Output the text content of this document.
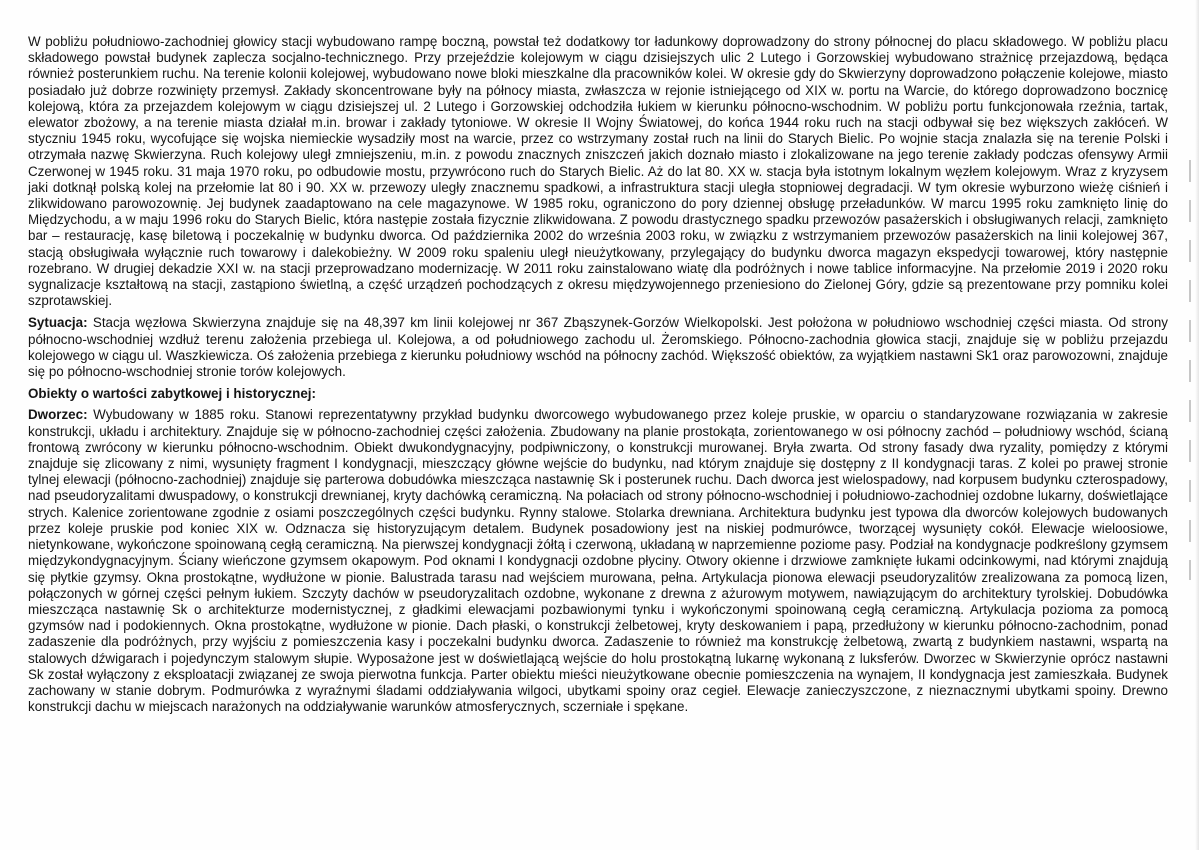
W pobliżu południowo-zachodniej głowicy stacji wybudowano rampę boczną, powstał też dodatkowy tor ładunkowy doprowadzony do strony północnej do placu składowego. W pobliżu placu składowego powstał budynek zaplecza socjalno-technicznego. Przy przejeździe kolejowym w ciągu dzisiejszych ulic 2 Lutego i Gorzowskiej wybudowano strażnicę przejazdową, będąca również posterunkiem ruchu. Na terenie kolonii kolejowej, wybudowano nowe bloki mieszkalne dla pracowników kolei. W okresie gdy do Skwierzyny doprowadzono połączenie kolejowe, miasto posiadało już dobrze rozwinięty przemysł. Zakłady skoncentrowane były na północy miasta, zwłaszcza w rejonie istniejącego od XIX w. portu na Warcie, do którego doprowadzono bocznicę kolejową, która za przejazdem kolejowym w ciągu dzisiejszej ul. 2 Lutego i Gorzowskiej odchodziła łukiem w kierunku północno-wschodnim. W pobliżu portu funkcjonowała rzeźnia, tartak, elewator zbożowy, a na terenie miasta działał m.in. browar i zakłady tytoniowe. W okresie II Wojny Światowej, do końca 1944 roku ruch na stacji odbywał się bez większych zakłóceń. W styczniu 1945 roku, wycofujące się wojska niemieckie wysadziły most na warcie, przez co wstrzymany został ruch na linii do Starych Bielic. Po wojnie stacja znalazła się na terenie Polski i otrzymała nazwę Skwierzyna. Ruch kolejowy uległ zmniejszeniu, m.in. z powodu znacznych zniszczeń jakich doznało miasto i zlokalizowane na jego terenie zakłady podczas ofensywy Armii Czerwonej w 1945 roku. 31 maja 1970 roku, po odbudowie mostu, przywrócono ruch do Starych Bielic. Aż do lat 80. XX w. stacja była istotnym lokalnym węzłem kolejowym. Wraz z kryzysem jaki dotknął polską kolej na przełomie lat 80 i 90. XX w. przewozy uległy znacznemu spadkowi, a infrastruktura stacji uległa stopniowej degradacji. W tym okresie wyburzono wieżę ciśnień i zlikwidowano parowozownię. Jej budynek zaadaptowano na cele magazynowe. W 1985 roku, ograniczono do pory dziennej obsługę przeładunków. W marcu 1995 roku zamknięto linię do Międzychodu, a w maju 1996 roku do Starych Bielic, która następie została fizycznie zlikwidowana. Z powodu drastycznego spadku przewozów pasażerskich i obsługiwanych relacji, zamknięto bar – restaurację, kasę biletową i poczekalnię w budynku dworca. Od października 2002 do września 2003 roku, w związku z wstrzymaniem przewozów pasażerskich na linii kolejowej 367, stacją obsługiwała wyłącznie ruch towarowy i dalekobieżny. W 2009 roku spaleniu uległ nieużytkowany, przylegający do budynku dworca magazyn ekspedycji towarowej, który następnie rozebrano. W drugiej dekadzie XXI w. na stacji przeprowadzano modernizację. W 2011 roku zainstalowano wiatę dla podróżnych i nowe tablice informacyjne. Na przełomie 2019 i 2020 roku sygnalizacje kształtową na stacji, zastąpiono świetlną, a część urządzeń pochodzących z okresu międzywojennego przeniesiono do Zielonej Góry, gdzie są prezentowane przy pomniku kolei szprotawskiej.

Sytuacja: Stacja węzłowa Skwierzyna znajduje się na 48,397 km linii kolejowej nr 367 Zbąszynek-Gorzów Wielkopolski. Jest położona w południowo wschodniej części miasta. Od strony północno-wschodniej wzdłuż terenu założenia przebiega ul. Kolejowa, a od południowego zachodu ul. Żeromskiego. Północno-zachodnia głowica stacji, znajduje się w pobliżu przejazdu kolejowego w ciągu ul. Waszkiewicza. Oś założenia przebiega z kierunku południowy wschód na północny zachód. Większość obiektów, za wyjątkiem nastawni Sk1 oraz parowozowni, znajduje się po północno-wschodniej stronie torów kolejowych.

Obiekty o wartości zabytkowej i historycznej:

Dworzec: Wybudowany w 1885 roku. Stanowi reprezentatywny przykład budynku dworcowego wybudowanego przez koleje pruskie, w oparciu o standaryzowane rozwiązania w zakresie konstrukcji, układu i architektury. Znajduje się w północno-zachodniej części założenia. Zbudowany na planie prostokąta, zorientowanego w osi północny zachód – południowy wschód, ścianą frontową zwrócony w kierunku północno-wschodnim. Obiekt dwukondygnacyjny, podpiwniczony, o konstrukcji murowanej. Bryła zwarta. Od strony fasady dwa ryzality, pomiędzy z którymi znajduje się zlicowany z nimi, wysunięty fragment I kondygnacji, mieszczący główne wejście do budynku, nad którym znajduje się dostępny z II kondygnacji taras. Z kolei po prawej stronie tylnej elewacji (północno-zachodniej) znajduje się parterowa dobudówka mieszcząca nastawnię Sk i posterunek ruchu. Dach dworca jest wielospadowy, nad korpusem budynku czterospadowy, nad pseudoryzalitami dwuspadowy, o konstrukcji drewnianej, kryty dachówką ceramiczną. Na połaciach od strony północno-wschodniej i południowo-zachodniej ozdobne lukarny, doświetlające strych. Kalenice zorientowane zgodnie z osiami poszczególnych części budynku. Rynny stalowe. Stolarka drewniana. Architektura budynku jest typowa dla dworców kolejowych budowanych przez koleje pruskie pod koniec XIX w. Odznacza się historyzującym detalem. Budynek posadowiony jest na niskiej podmurówce, tworzącej wysunięty cokół. Elewacje wieloosiowe, nietynkowane, wykończone spoinowaną cegłą ceramiczną. Na pierwszej kondygnacji żółtą i czerwoną, układaną w naprzemienne poziome pasy. Podział na kondygnacje podkreślony gzymsem międzykondygnacyjnym. Ściany wieńczone gzymsem okapowym. Pod oknami I kondygnacji ozdobne płyciny. Otwory okienne i drzwiowe zamknięte łukami odcinkowymi, nad którymi znajdują się płytkie gzymsy. Okna prostokątne, wydłużone w pionie. Balustrada tarasu nad wejściem murowana, pełna. Artykulacja pionowa elewacji pseudoryzalitów zrealizowana za pomocą lizen, połączonych w górnej części pełnym łukiem. Szczyty dachów w pseudoryzalitach ozdobne, wykonane z drewna z ażurowym motywem, nawiązującym do architektury tyrolskiej. Dobudówka mieszcząca nastawnię Sk o architekturze modernistycznej, z gładkimi elewacjami pozbawionymi tynku i wykończonymi spoinowaną cegłą ceramiczną. Artykulacja pozioma za pomocą gzymsów nad i podokiennych. Okna prostokątne, wydłużone w pionie. Dach płaski, o konstrukcji żelbetowej, kryty deskowaniem i papą, przedłużony w kierunku północno-zachodnim, ponad zadaszenie dla podróżnych, przy wyjściu z pomieszczenia kasy i poczekalni budynku dworca. Zadaszenie to również ma konstrukcję żelbetową, zwartą z budynkiem nastawni, wspartą na stalowych dźwigarach i pojedynczym stalowym słupie. Wyposażone jest w doświetlającą wejście do holu prostokątną lukarnę wykonaną z luksferów. Dworzec w Skwierzynie oprócz nastawni Sk został wyłączony z eksploatacji związanej ze swoja pierwotna funkcja. Parter obiektu mieści nieużytkowane obecnie pomieszczenia na wynajem, II kondygnacja jest zamieszkała. Budynek zachowany w stanie dobrym. Podmurówka z wyraźnymi śladami oddziaływania wilgoci, ubytkami spoiny oraz cegieł. Elewacje zanieczyszczone, z nieznacznymi ubytkami spoiny. Drewno konstrukcji dachu w miejscach narażonych na oddziaływanie warunków atmosferycznych, sczerniałe i spękane.
